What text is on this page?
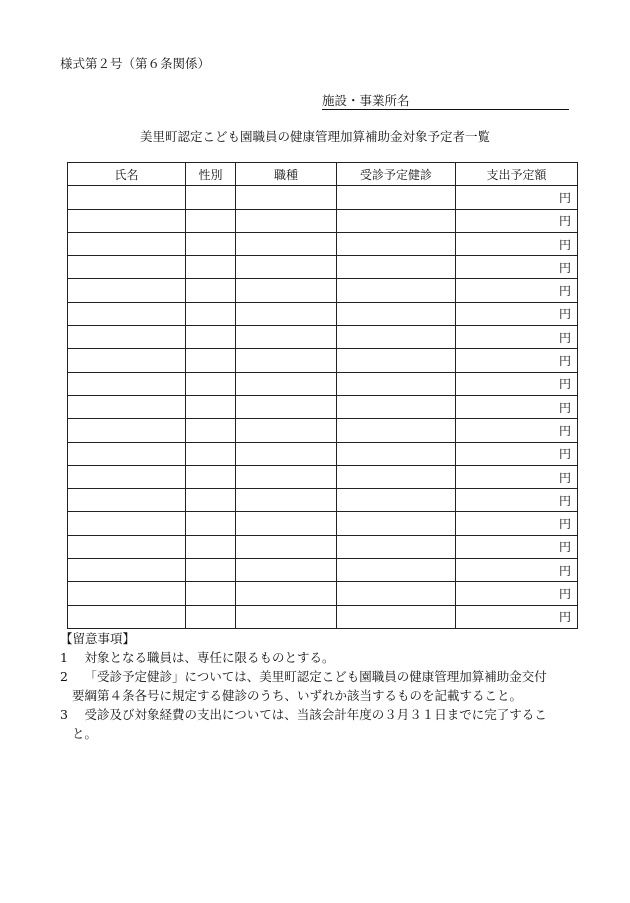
様式第２号（第６条関係）
施設・事業所名
美里町認定こども園職員の健康管理加算補助金対象予定者一覧
氏名	性別	職種	受診予定健診	支出予定額
				円
				円
				円
				円
				円
				円
				円
				円
				円
				円
				円
				円
				円
				円
				円
				円
				円
				円
				円
【留意事項】
1	対象となる職員は、専任に限るものとする。
2	「受診予定健診」については、美里町認定こども園職員の健康管理加算補助金交付
要綱第４条各号に規定する健診のうち、いずれか該当するものを記載すること。
3	受診及び対象経費の支出については、当該会計年度の３月３１日までに完了するこ
と。
